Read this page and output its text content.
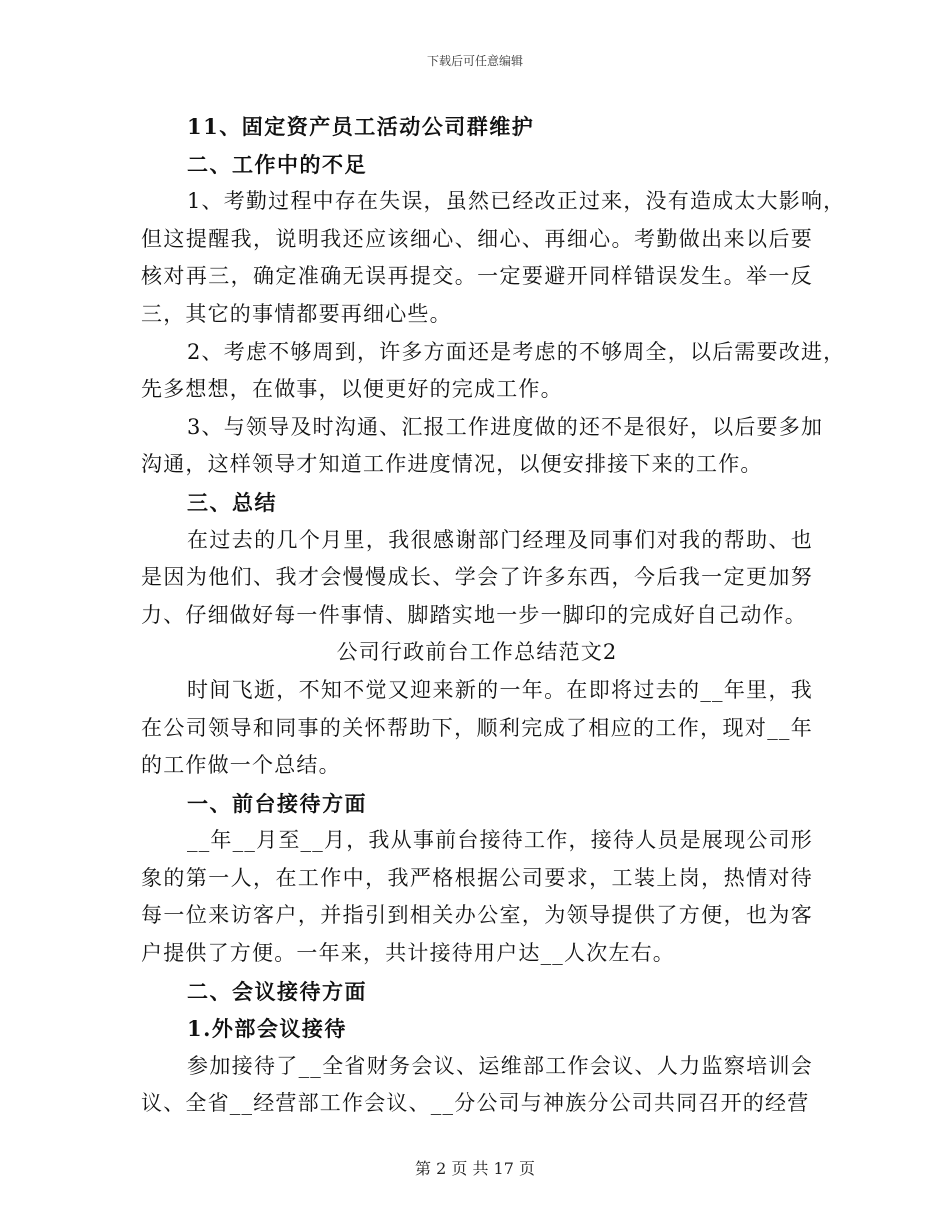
下载后可任意编辑
11、固定资产员工活动公司群维护
二、工作中的不足
1、考勤过程中存在失误，虽然已经改正过来，没有造成太大影响，
但这提醒我，说明我还应该细心、细心、再细心。考勤做出来以后要
核对再三，确定准确无误再提交。一定要避开同样错误发生。举一反
三，其它的事情都要再细心些。
2、考虑不够周到，许多方面还是考虑的不够周全，以后需要改进，
先多想想，在做事，以便更好的完成工作。
3、与领导及时沟通、汇报工作进度做的还不是很好，以后要多加
沟通，这样领导才知道工作进度情况，以便安排接下来的工作。
三、总结
在过去的几个月里，我很感谢部门经理及同事们对我的帮助、也
是因为他们、我才会慢慢成长、学会了许多东西，今后我一定更加努
力、仔细做好每一件事情、脚踏实地一步一脚印的完成好自己动作。
公司行政前台工作总结范文2
时间飞逝，不知不觉又迎来新的一年。在即将过去的__年里，我
在公司领导和同事的关怀帮助下，顺利完成了相应的工作，现对__年
的工作做一个总结。
一、前台接待方面
__年__月至__月，我从事前台接待工作，接待人员是展现公司形
象的第一人，在工作中，我严格根据公司要求，工装上岗，热情对待
每一位来访客户，并指引到相关办公室，为领导提供了方便，也为客
户提供了方便。一年来，共计接待用户达__人次左右。
二、会议接待方面
1.外部会议接待
参加接待了__全省财务会议、运维部工作会议、人力监察培训会
议、全省__经营部工作会议、__分公司与神族分公司共同召开的经营
第 2 页 共 17 页
